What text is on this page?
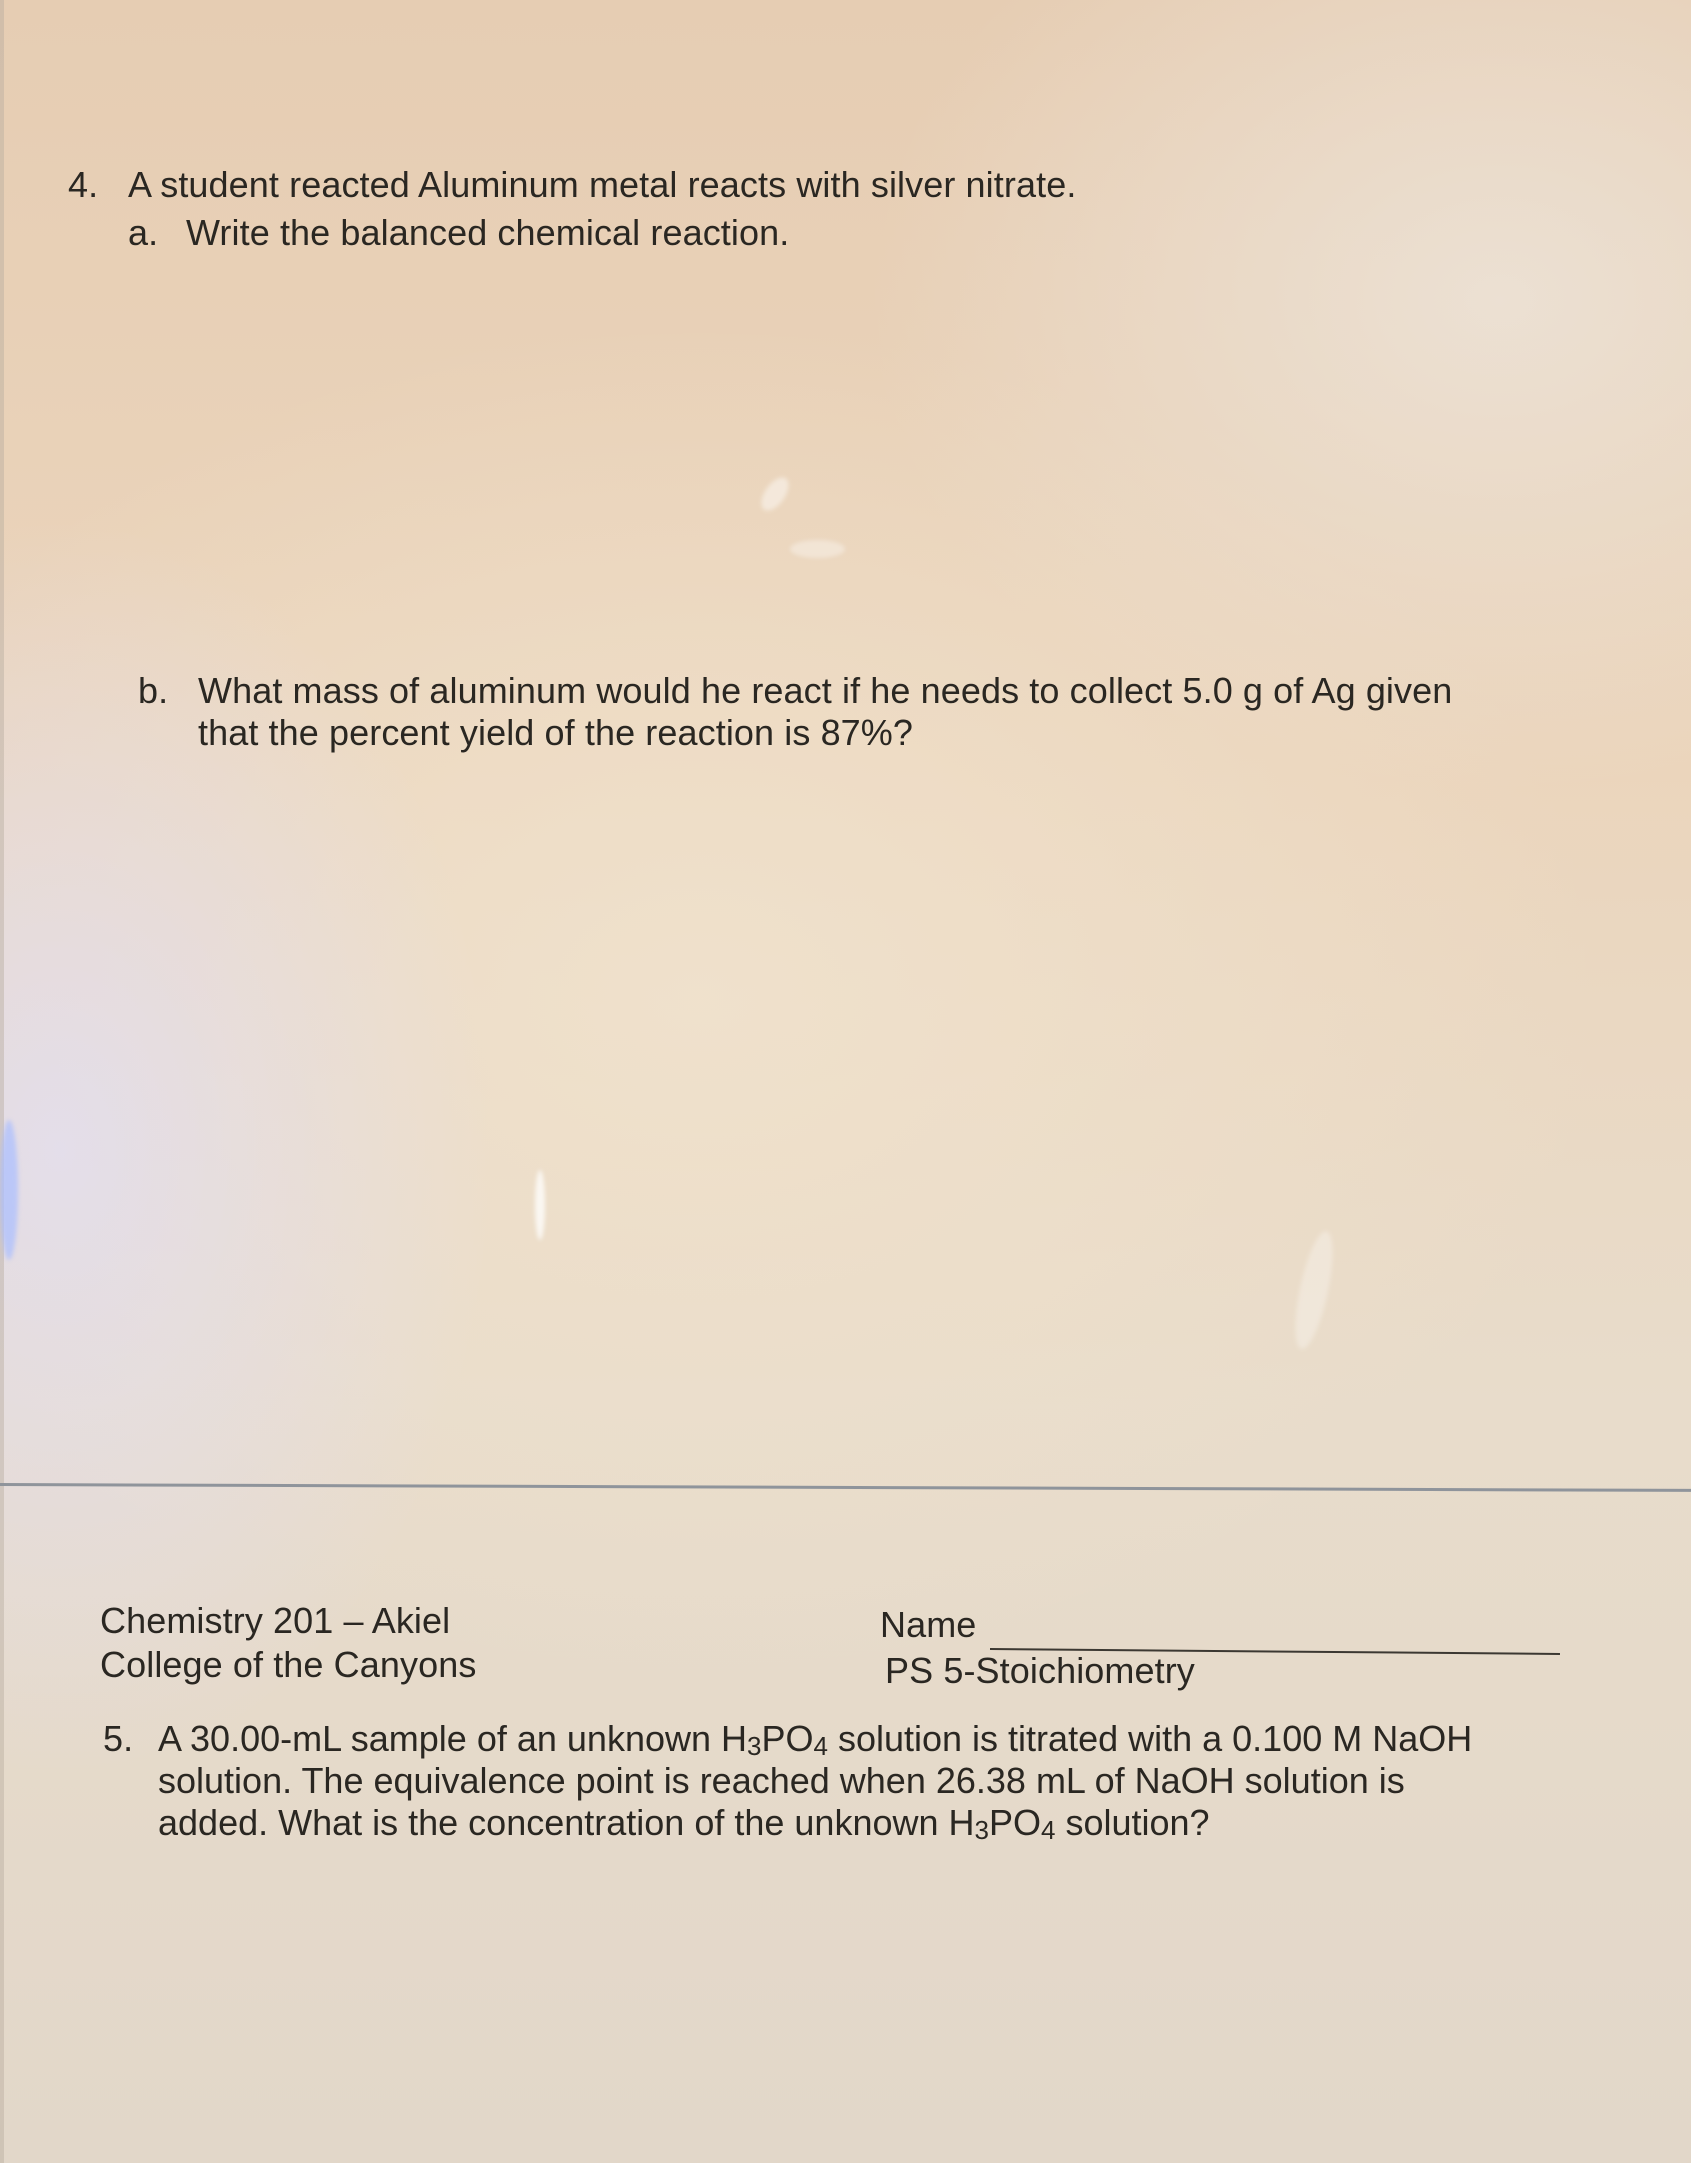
4. A student reacted Aluminum metal reacts with silver nitrate.
a. Write the balanced chemical reaction.
b. What mass of aluminum would he react if he needs to collect 5.0 g of Ag given
that the percent yield of the reaction is 87%?
Chemistry 201 – Akiel
College of the Canyons
Name
PS 5-Stoichiometry
5. A 30.00-mL sample of an unknown $H_3PO_4$ solution is titrated with a 0.100 M NaOH
solution. The equivalence point is reached when 26.38 mL of NaOH solution is
added. What is the concentration of the unknown $H_3PO_4$ solution?
